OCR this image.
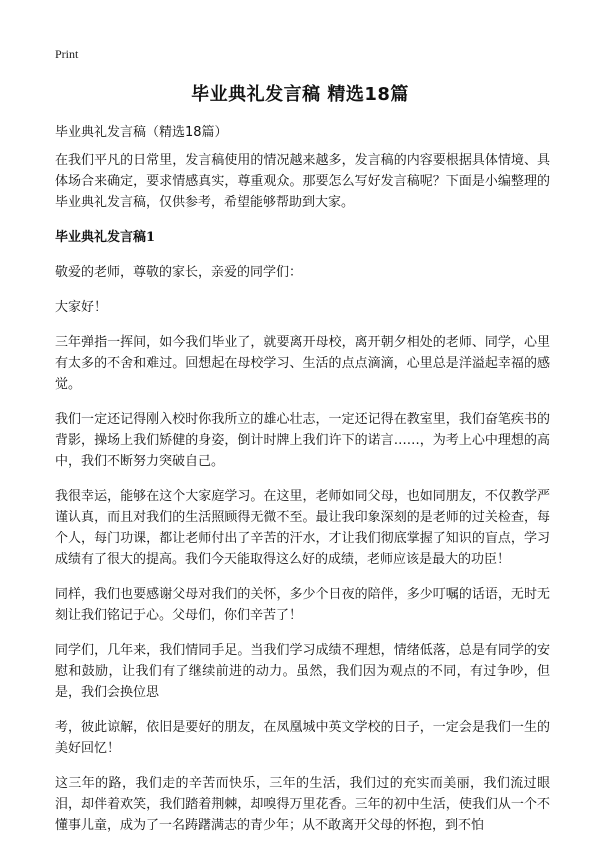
Print
毕业典礼发言稿 精选18篇
毕业典礼发言稿（精选18篇）

在我们平凡的日常里，发言稿使用的情况越来越多，发言稿的内容要根据具体情境、具体场合来确定，要求情感真实，尊重观众。那要怎么写好发言稿呢？下面是小编整理的毕业典礼发言稿，仅供参考，希望能够帮助到大家。

毕业典礼发言稿1

敬爱的老师，尊敬的家长，亲爱的同学们：

大家好！

三年弹指一挥间，如今我们毕业了，就要离开母校，离开朝夕相处的老师、同学，心里有太多的不舍和难过。回想起在母校学习、生活的点点滴滴，心里总是洋溢起幸福的感觉。

我们一定还记得刚入校时你我所立的雄心壮志，一定还记得在教室里，我们奋笔疾书的背影，操场上我们矫健的身姿，倒计时牌上我们许下的诺言……，为考上心中理想的高中，我们不断努力突破自己。

我很幸运，能够在这个大家庭学习。在这里，老师如同父母，也如同朋友，不仅教学严谨认真，而且对我们的生活照顾得无微不至。最让我印象深刻的是老师的过关检查，每个人，每门功课，都让老师付出了辛苦的汗水，才让我们彻底掌握了知识的盲点，学习成绩有了很大的提高。我们今天能取得这么好的成绩，老师应该是最大的功臣！

同样，我们也要感谢父母对我们的关怀，多少个日夜的陪伴，多少叮嘱的话语，无时无刻让我们铭记于心。父母们，你们辛苦了！

同学们，几年来，我们情同手足。当我们学习成绩不理想，情绪低落，总是有同学的安慰和鼓励，让我们有了继续前进的动力。虽然，我们因为观点的不同，有过争吵，但是，我们会换位思

考，彼此谅解，依旧是要好的朋友，在凤凰城中英文学校的日子，一定会是我们一生的美好回忆！

这三年的路，我们走的辛苦而快乐，三年的生活，我们过的充实而美丽，我们流过眼泪，却伴着欢笑，我们踏着荆棘，却嗅得万里花香。三年的初中生活，使我们从一个不懂事儿童，成为了一名踌躇满志的青少年；从不敢离开父母的怀抱，到不怕
